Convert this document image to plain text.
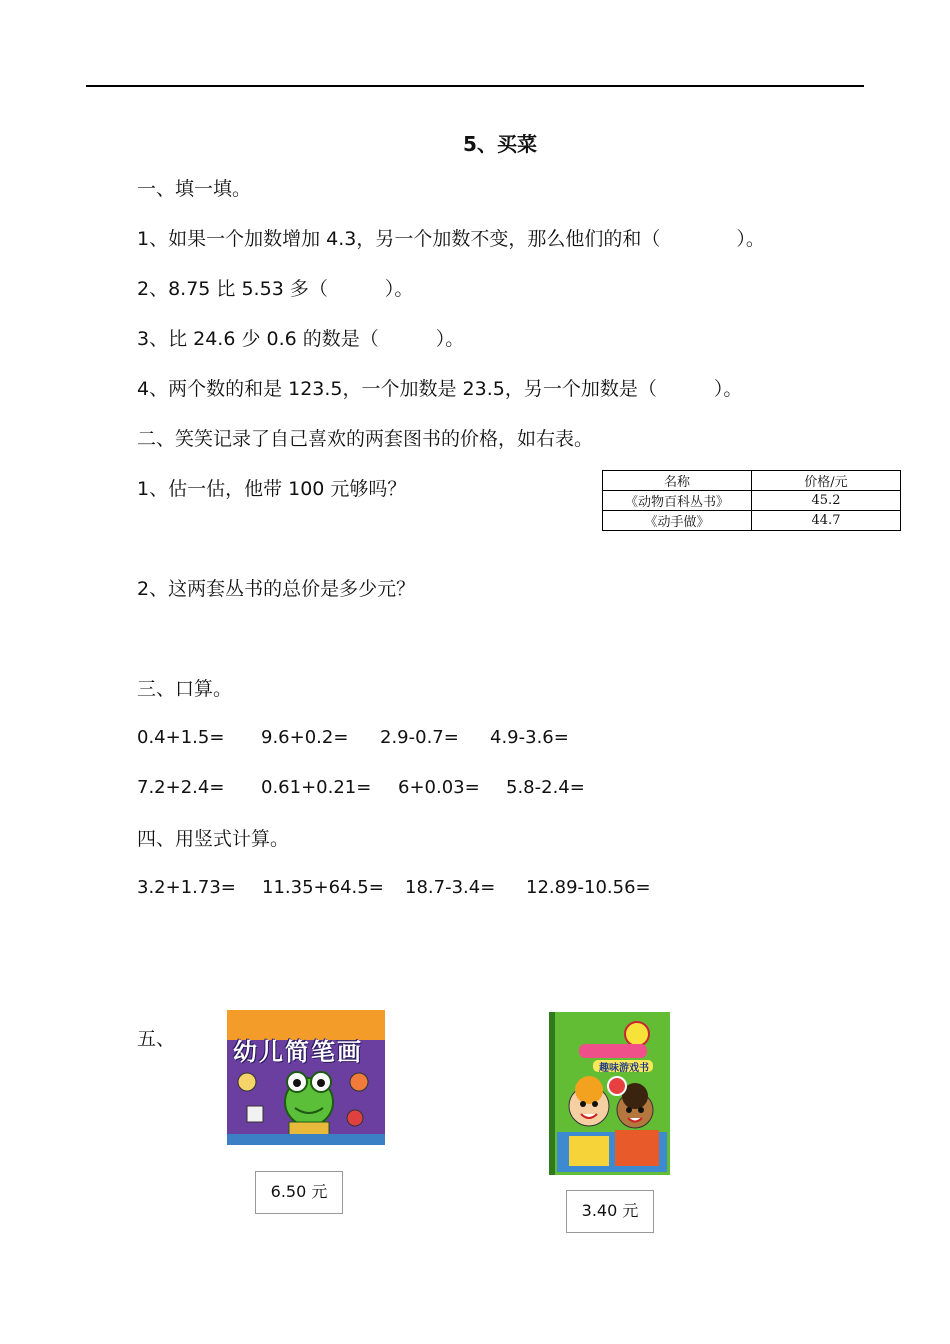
5、买菜
一、填一填。
1、如果一个加数增加 4.3，另一个加数不变，那么他们的和（　　　　）。
2、8.75 比 5.53 多（　　　）。
3、比 24.6 少 0.6 的数是（　　　）。
4、两个数的和是 123.5，一个加数是 23.5，另一个加数是（　　　）。
二、笑笑记录了自己喜欢的两套图书的价格，如右表。
1、估一估，他带 100 元够吗？	名称	价格/元
《动物百科丛书》	45.2
《动手做》	44.7
2、这两套丛书的总价是多少元？
三、口算。
0.4+1.5= 9.6+0.2= 2.9-0.7= 4.9-3.6=
7.2+2.4= 0.61+0.21= 6+0.03= 5.8-2.4=
四、用竖式计算。
3.2+1.73= 11.35+64.5= 18.7-3.4= 12.89-10.56=
五、 幼儿简笔画
6.50 元
趣味游戏书
3.40 元
